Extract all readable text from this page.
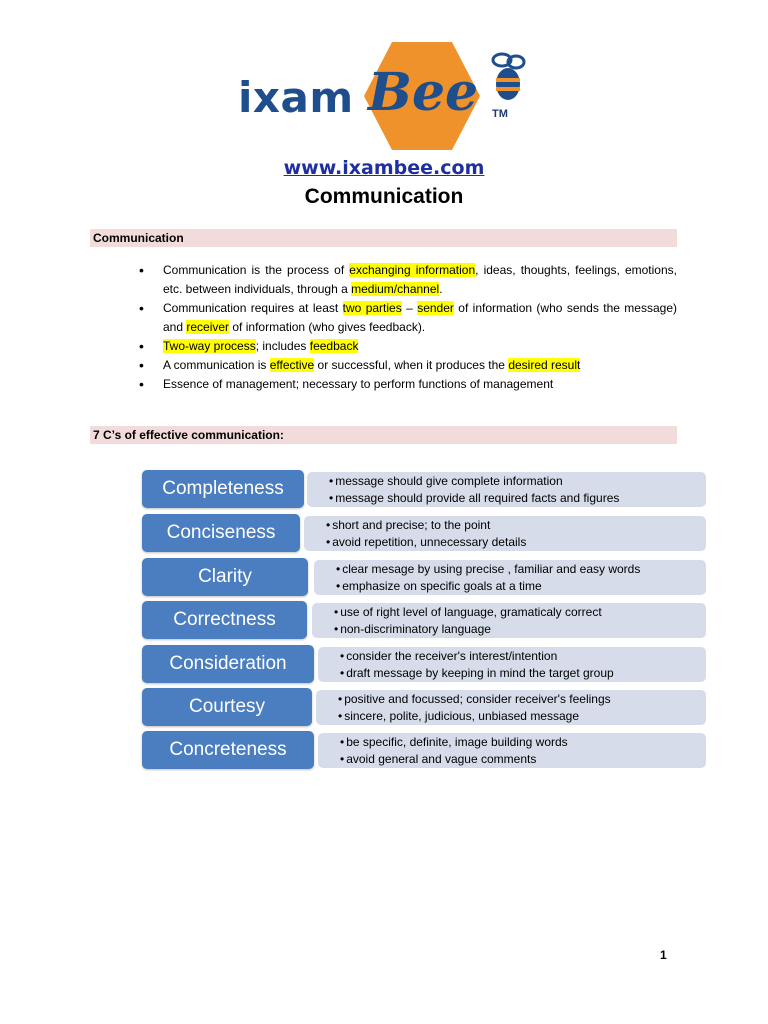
ixam Bee TM
www.ixambee.com
Communication
Communication
• Communication is the process of exchanging information, ideas, thoughts, feelings, emotions, etc. between individuals, through a medium/channel.
• Communication requires at least two parties – sender of information (who sends the message) and receiver of information (who gives feedback).
• Two-way process; includes feedback
• A communication is effective or successful, when it produces the desired result
• Essence of management; necessary to perform functions of management
7 C’s of effective communication:
• message should give complete information
• message should provide all required facts and figures
Completeness
• short and precise; to the point
• avoid repetition, unnecessary details
Conciseness
• clear mesage by using precise , familiar and easy words
• emphasize on specific goals at a time
Clarity
• use of right level of language, gramaticaly correct
• non-discriminatory language
Correctness
• consider the receiver's interest/intention
• draft message by keeping in mind the target group
Consideration
• positive and focussed; consider receiver's feelings
• sincere, polite, judicious, unbiased message
Courtesy
• be specific, definite, image building words
• avoid general and vague comments
Concreteness
1
